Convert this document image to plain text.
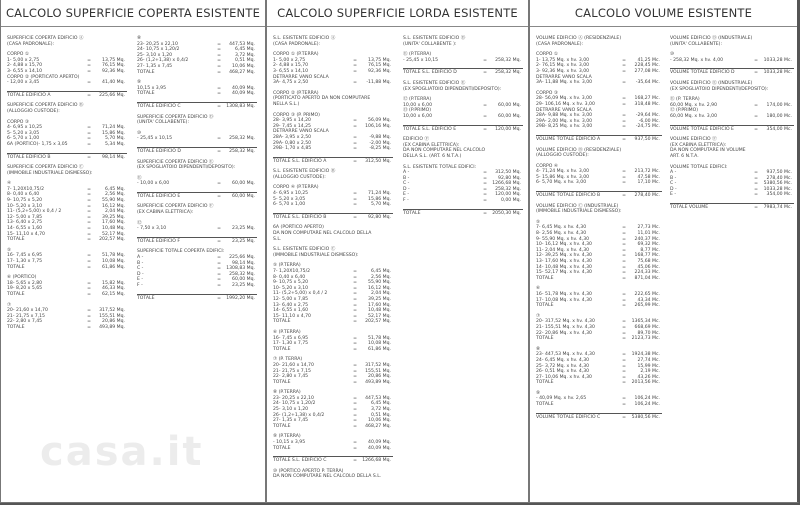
CALCOLO SUPERFICIE COPERTA ESISTENTE
SUPERFICIE COPERTA EDIFICIO Ⓐ
(CASA PADRONALE):
CORPO ①
1- 5,00 x 2,75	=	13,75 Mq.
2- 4,88 x 15,70	=	76,15 Mq.
3- 6,55 x 14,10	=	92,36 Mq.
CORPO ② (PORTICATO APERTO)
- 12,00 x 3,45	=	41,40 Mq.
TOTALE EDIFICIO A	=	225,66 Mq.
SUPERFICIE COPERTA EDIFICIO Ⓑ
(ALLOGGIO CUSTODE):
CORPO ③
4- 6,95 x 10,25	=	71,24 Mq.
5- 5,20 x 3,05	=	15,86 Mq.
6- 5,70 x 1,00	=	5,70 Mq.
6A (PORTICO)- 1,75 x 3,05	=	5,34 Mq.
TOTALE EDIFICIO B	=	98,14 Mq.
SUPERFICIE COPERTA EDIFICIO Ⓒ
(IMMOBILE INDUSTRIALE DISMESSO):
④
7- 1,20X10,75/2	=	6,45 Mq.
8- 0,40 x 6,40	=	2,56 Mq.
9- 10,75 x 5,20	=	55,90 Mq.
10- 5,20 x 3,10	=	16,12 Mq.
11- (5,2+5,00) x 0,4 / 2	=	2,04 Mq.
12- 5,00 x 7,85	=	39,25 Mq.
13- 6,40 x 2,75	=	17,60 Mq.
14- 6,55 x 1,60	=	10,48 Mq.
15- 11,10 x 4,70	=	52,17 Mq.
TOTALE	=	202,57 Mq.
⑤
16- 7,45 x 6,95	=	51,78 Mq.
17- 1,30 x 7,75	=	10,08 Mq.
TOTALE	=	61,86 Mq.
⑥ (PORTICO)
18- 5,65 x 2,80	=	15,82 Mq.
19- 8,20 x 5,65	=	46,33 Mq.
TOTALE	=	62,15 Mq.
⑦
20- 21,60 x 14,70	=	317,52 Mq.
21- 21,75 x 7,15	=	155,51 Mq.
22- 2,80 x 7,45	=	20,86 Mq.
TOTALE	=	493,89 Mq.
⑧
23- 20,25 x 22,10	=	447,53 Mq.
24- 10,75 x 1,20/2	=	6,45 Mq.
25- 3,10 x 1,20	=	3,72 Mq.
26- (1,2+1,38) x 0,4/2	=	0,51 Mq.
27- 1,35 x 7,45	=	10,06 Mq.
TOTALE	=	468,27 Mq.
⑨
10,15 x 3,95	=	40,09 Mq.
TOTALE	=	40,09 Mq.
TOTALE EDIFICIO C	= 1308,83 Mq.
SUPERFICIE COPERTA EDIFICIO Ⓓ
(UNITA' COLLABENTE):
⑩
- 25,45 x 10,15	=	258,32 Mq.
TOTALE EDIFICIO D	=	258,32 Mq.
SUPERFICIE COPERTA EDIFICIO Ⓔ
(EX SPOGLIATOIO DIPENDENTI/DEPOSITO):
⑪
- 10,00 x 6,00	=	60,00 Mq.
TOTALE EDIFICIO E	=	60,00 Mq.
SUPERFICIE COPERTA EDIFICIO Ⓕ
(EX CABINA ELETTRICA):
⑫
- 7,50 x 3,10	=	23,25 Mq.
TOTALE EDIFICIO F	=	23,25 Mq.
SUPERFICIE TOTALE COPERTA EDIFICI:
A -	=	225,66 Mq.
B -	=	98,14 Mq.
C -	= 1308,83 Mq.
D -	=	258,32 Mq.
E -	=	60,00 Mq.
F -	=	23,25 Mq.
TOTALE	= 1992,20 Mq.
CALCOLO SUPERFICIE LORDA ESISTENTE
S.L. ESISTENTE EDIFICIO Ⓐ
(CASA PADRONALE):
CORPO ① (P.TERRA)
1- 5,00 x 2,75	=	13,75 Mq.
2- 4,88 x 15,70	=	76,15 Mq.
3- 6,55 x 14,10	=	92,36 Mq.
DETRARRE VANO SCALA
3A- 4,75 x 2,50	=	-11,88 Mq.
CORPO ② (P.TERRA)
(PORTICATO APERTO DA NON COMPUTARE
NELLA S.L.)
CORPO ③ (P. PRIMO)
28- 3,95 x 14,20	=	56,09 Mq.
29- 7,45 x 14,25	=	106,16 Mq.
DETRARRE VANO SCALA
28A- 3,95 x 2,50	=	-9,88 Mq.
29A- 0,80 x 2,50	=	-2,00 Mq.
29B- 1,70 x 4,85	=	-8,25 Mq.
TOTALE S.L. EDIFICIO A	=	312,50 Mq.
S.L. ESISTENTE EDIFICIO Ⓑ
(ALLOGGIO CUSTODE):
CORPO ④ (P.TERRA)
4- 6,95 x 10,25	=	71,24 Mq.
5- 5,20 x 3,05	=	15,86 Mq.
6- 5,70 x 1,00	=	5,70 Mq.
TOTALE S.L. EDIFICIO B	=	92,80 Mq.
6A (PORTICO APERTO)
DA NON COMPUTARE NEL CALCOLO DELLA
S.L.
S.L. ESISTENTE EDIFICIO Ⓒ
(IMMOBILE INDUSTRIALE DISMESSO):
⑤ (P.TERRA)
7- 1,20X10,75/2	=	6,45 Mq.
8- 0,40 x 6,40	=	2,56 Mq.
9- 10,75 x 5,20	=	55,90 Mq.
10- 5,20 x 3,10	=	16,12 Mq.
11- (5,2+5,00) x 0,4 / 2	=	2,04 Mq.
12- 5,00 x 7,85	=	39,25 Mq.
13- 6,40 x 2,75	=	17,60 Mq.
14- 6,55 x 1,60	=	10,48 Mq.
15- 11,10 x 4,70	=	52,17 Mq.
TOTALE	=	202,57 Mq.
⑥ (P.TERRA)
16- 7,45 x 6,95	=	51,78 Mq.
17- 1,30 x 7,75	=	10,08 Mq.
TOTALE	=	61,86 Mq.
⑦ (P. TERRA)
20- 21,60 x 14,70	=	317,52 Mq.
21- 21,75 x 7,15	=	155,51 Mq.
22- 2,80 x 7,45	=	20,86 Mq.
TOTALE	=	493,89 Mq.
⑧ (P.TERRA)
23- 20,25 x 22,10	=	447,53 Mq.
24- 10,75 x 1,20/2	=	6,45 Mq.
25- 3,10 x 1,20	=	3,72 Mq.
26- (1,2+1,38) x 0,4/2	=	0,51 Mq.
27- 1,35 x 7,45	=	10,06 Mq.
TOTALE	=	468,27 Mq.
⑨ (P.TERRA)
- 10,15 x 3,95	=	40,09 Mq.
TOTALE	=	40,09 Mq.
TOTALE S.L. EDIFICIO C	= 1266,68 Mq.
⑩ (PORTICO APERTO P. TERRA)
DA NON COMPUTARE NEL CALCOLO DELLA S.L.
S.L. ESISTENTE EDIFICIO Ⓓ
(UNITA' COLLABENTE ):
⑪ (P.TERRA)
- 25,45 x 10,15	=	258,32 Mq.
TOTALE S.L. EDIFICIO D	=	258,32 Mq.
S.L. ESISTENTE EDIFICIO Ⓔ
(EX SPOGLIATOIO DIPENDENTI/DEPOSITO):
⑫ (P.TERRA)
10,00 x 6,00	=	60,00 Mq.
⑬ (P.PRIMO)
10,00 x 6,00	=	60,00 Mq.
TOTALE S.L. EDIFICIO E	=	120,00 Mq.
EDIFICIO Ⓕ
(EX CABINA ELETTRICA):
DA NON COMPUTARE NEL CALCOLO
DELLA S.L. (ART. 6 N.T.A.)
S.L. ESISTENTE TOTALE EDIFICI:
A -	=	312,50 Mq.
B -	=	92,80 Mq.
C -	= 1266,68 Mq.
D -	=	258,32 Mq.
E -	=	120,00 Mq.
F -	=	0,00 Mq.
TOTALE	= 2050,30 Mq.
CALCOLO VOLUME ESISTENTE
VOLUME EDIFICIO Ⓐ (RESIDENZIALE)
(CASA PADRONALE):
CORPO ①
1- 13,75 Mq. x hv. 3,00	=	41,25 Mc.
2- 76,15 Mq. x hv. 3,00	=	228,45 Mc.
3- 92,36 Mq. x hv. 3,00	=	277,08 Mc.
DETRARRE VANO SCALA
3A- 11,88 Mq. x hv. 3,00	=	-35,64 Mc.
CORPO ③
28- 56,09 Mq. x hv. 3,00	=	168,27 Mc.
29- 106,16 Mq. x hv. 3,00	=	318,48 Mc.
DETRARRE VANO SCALA
28A- 9,88 Mq. x hv. 3,00	=	-29,64 Mc.
29A- 2,00 Mq. x hv. 3,00	=	-6,00 Mc.
29B- 8,25 Mq. x hv. 3,00	=	-24,75 Mc.
VOLUME TOTALE EDIFICIO A	=	937,50 Mc.
VOLUME EDIFICIO Ⓑ (RESIDENZIALE)
(ALLOGGIO CUSTODE):
CORPO ④
4- 71,24 Mq. x hv. 3,00	=	213,72 Mc.
5- 15,86 Mq. x hv. 3,00	=	47,58 Mc.
6- 5,70 Mq. x hv. 3,00	=	17,10 Mc.
VOLUME TOTALE EDIFICIO B	=	278,40 Mc.
VOLUME EDIFICIO Ⓒ (INDUSTRIALE)
(IMMOBILE INDUSTRIALE DISMESSO):
⑤
7- 6,45 Mq. x hv. 4,30	=	27,73 Mc.
8- 2,56 Mq. x hv. 4,30	=	11,01 Mc.
9- 55,90 Mq. x hv. 4,30	=	240,37 Mc.
10- 16,12 Mq. x hv. 4,30	=	69,32 Mc.
11- 2,04 Mq. x hv. 4,30	=	8,77 Mc.
12- 39,25 Mq. x hv. 4,30	=	168,77 Mc.
13- 17,60 Mq. x hv. 4,30	=	75,68 Mc.
14- 10,48 Mq. x hv. 4,30	=	45,06 Mc.
15- 52,17 Mq. x hv. 4,30	=	224,33 Mc.
TOTALE	=	871,04 Mc.
⑥
16- 51,78 Mq. x hv. 4,30	=	222,65 Mc.
17- 10,08 Mq. x hv. 4,30	=	43,34 Mc.
TOTALE	=	265,99 Mc.
⑦
20- 317,52 Mq. x hv. 4,30	=	1365,34 Mc.
21- 155,51 Mq. x hv. 4,30	=	668,69 Mc.
22- 20,86 Mq. x hv. 4,30	=	89,70 Mc.
TOTALE	=	2123,73 Mc.
⑧
23- 447,53 Mq. x hv. 4,30	=	1924,38 Mc.
24- 6,45 Mq. x hv. 4,30	=	27,74 Mc.
25- 3,72 Mq. x hv. 4,30	=	15,99 Mc.
26- 0,51 Mq. x hv. 4,30	=	2,19 Mc.
27- 10,06 Mq. x hv. 4,30	=	43,26 Mc.
TOTALE	=	2013,56 Mc.
⑨
- 40,09 Mq. x hv. 2,65	=	106,24 Mc.
TOTALE	=	106,24 Mc.
VOLUME TOTALE EDIFICIO C	=	5380,56 Mc.
VOLUME EDIFICIO Ⓓ (INDUSTRIALE)
(UNITA' COLLABENTE):
⑩
- 258,32 Mq. x hv. 4,00	=	1033,28 Mc.
VOLUME TOTALE EDIFICIO D	=	1033,28 Mc.
VOLUME EDIFICIO Ⓔ (INDUSTRIALE)
(EX SPOGLIATOIO DIPENDENTI/DEPOSITO):
⑪ (P. TERRA)
60,00 Mq. x hv. 2,90	=	174,00 Mc.
⑫ (P.PRIMO)
60,00 Mq. x hv. 3,00	=	180,00 Mc.
VOLUME TOTALE EDIFICIO E	=	354,00 Mc.
VOLUME EDIFICIO Ⓕ
(EX CABINA ELETTRICA):
DA NON COMPUTARE IN VOLUME
ART. 6 N.T.A.
VOLUME TOTALE EDIFICI:
A -	=	937,50 Mc.
B -	=	278,40 Mc.
C -	=	5380,56 Mc.
D -	=	1033,28 Mc.
E -	=	354,00 Mc.
TOTALE VOLUME	=	7983,74 Mc.
casa.it
